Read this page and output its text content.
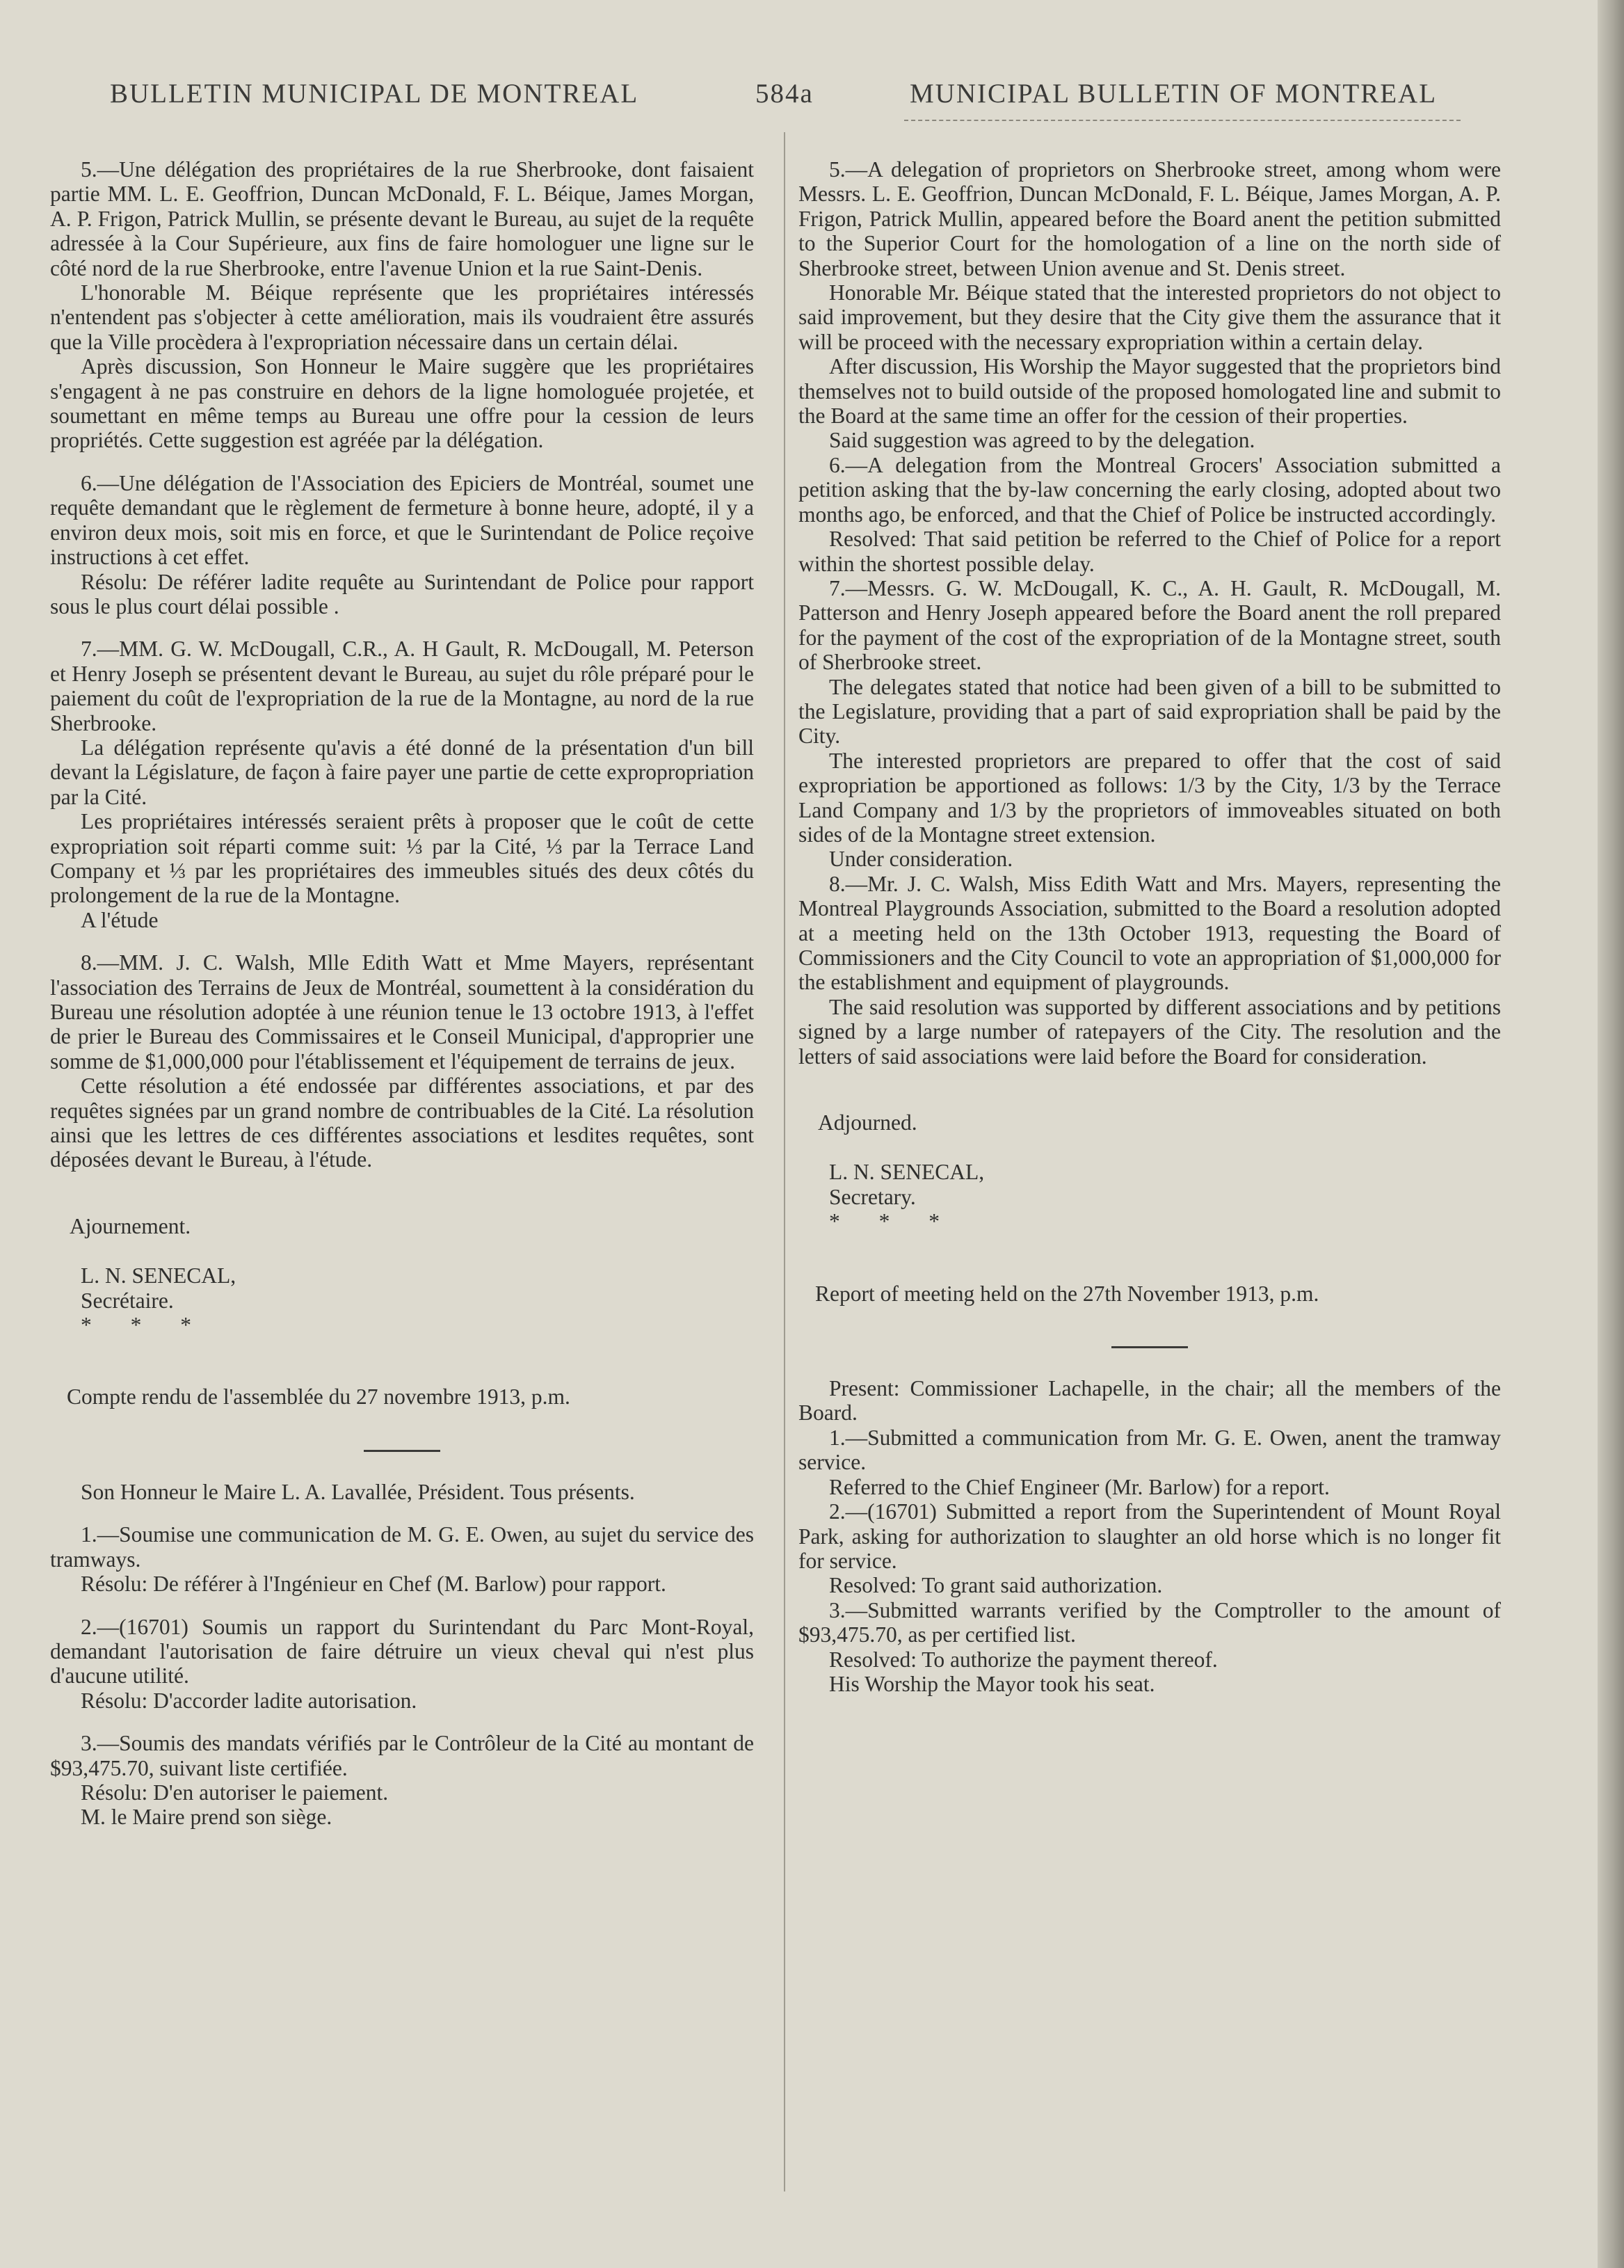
BULLETIN MUNICIPAL DE MONTREAL	584a	MUNICIPAL BULLETIN OF MONTREAL

5.—Une délégation des propriétaires de la rue Sherbrooke, dont faisaient partie MM. L. E. Geoffrion, Duncan McDonald, F. L. Béique, James Morgan, A. P. Frigon, Patrick Mullin, se présente devant le Bureau, au sujet de la requête adressée à la Cour Supérieure, aux fins de faire homologuer une ligne sur le côté nord de la rue Sherbrooke, entre l'avenue Union et la rue Saint-Denis.

L'honorable M. Béique représente que les propriétaires intéressés n'entendent pas s'objecter à cette amélioration, mais ils voudraient être assurés que la Ville procèdera à l'expropriation nécessaire dans un certain délai.

Après discussion, Son Honneur le Maire suggère que les propriétaires s'engagent à ne pas construire en dehors de la ligne homologuée projetée, et soumettant en même temps au Bureau une offre pour la cession de leurs propriétés. Cette suggestion est agréée par la délégation.

6.—Une délégation de l'Association des Epiciers de Montréal, soumet une requête demandant que le règlement de fermeture à bonne heure, adopté, il y a environ deux mois, soit mis en force, et que le Surintendant de Police reçoive instructions à cet effet.

Résolu: De référer ladite requête au Surintendant de Police pour rapport sous le plus court délai possible .

7.—MM. G. W. McDougall, C.R., A. H Gault, R. McDougall, M. Peterson et Henry Joseph se présentent devant le Bureau, au sujet du rôle préparé pour le paiement du coût de l'expropriation de la rue de la Montagne, au nord de la rue Sherbrooke.

La délégation représente qu'avis a été donné de la présentation d'un bill devant la Législature, de façon à faire payer une partie de cette expropropriation par la Cité.

Les propriétaires intéressés seraient prêts à proposer que le coût de cette expropriation soit réparti comme suit: ⅓ par la Cité, ⅓ par la Terrace Land Company et ⅓ par les propriétaires des immeubles situés des deux côtés du prolongement de la rue de la Montagne.

A l'étude

8.—MM. J. C. Walsh, Mlle Edith Watt et Mme Mayers, représentant l'association des Terrains de Jeux de Montréal, soumettent à la considération du Bureau une résolution adoptée à une réunion tenue le 13 octobre 1913, à l'effet de prier le Bureau des Commissaires et le Conseil Municipal, d'approprier une somme de $1,000,000 pour l'établissement et l'équipement de terrains de jeux.

Cette résolution a été endossée par différentes associations, et par des requêtes signées par un grand nombre de contribuables de la Cité. La résolution ainsi que les lettres de ces différentes associations et lesdites requêtes, sont déposées devant le Bureau, à l'étude.

Ajournement.

L. N. SENECAL,

Secrétaire.

* * *

Compte rendu de l'assemblée du 27 novembre 1913, p.m.

Son Honneur le Maire L. A. Lavallée, Président. Tous présents.

1.—Soumise une communication de M. G. E. Owen, au sujet du service des tramways.

Résolu: De référer à l'Ingénieur en Chef (M. Barlow) pour rapport.

2.—(16701) Soumis un rapport du Surintendant du Parc Mont-Royal, demandant l'autorisation de faire détruire un vieux cheval qui n'est plus d'aucune utilité.

Résolu: D'accorder ladite autorisation.

3.—Soumis des mandats vérifiés par le Contrôleur de la Cité au montant de $93,475.70, suivant liste certifiée.

Résolu: D'en autoriser le paiement.

M. le Maire prend son siège.

5.—A delegation of proprietors on Sherbrooke street, among whom were Messrs. L. E. Geoffrion, Duncan McDonald, F. L. Béique, James Morgan, A. P. Frigon, Patrick Mullin, appeared before the Board anent the petition submitted to the Superior Court for the homologation of a line on the north side of Sherbrooke street, between Union avenue and St. Denis street.

Honorable Mr. Béique stated that the interested proprietors do not object to said improvement, but they desire that the City give them the assurance that it will be proceed with the necessary expropriation within a certain delay.

After discussion, His Worship the Mayor suggested that the proprietors bind themselves not to build outside of the proposed homologated line and submit to the Board at the same time an offer for the cession of their properties.

Said suggestion was agreed to by the delegation.

6.—A delegation from the Montreal Grocers' Association submitted a petition asking that the by-law concerning the early closing, adopted about two months ago, be enforced, and that the Chief of Police be instructed accordingly.

Resolved: That said petition be referred to the Chief of Police for a report within the shortest possible delay.

7.—Messrs. G. W. McDougall, K. C., A. H. Gault, R. McDougall, M. Patterson and Henry Joseph appeared before the Board anent the roll prepared for the payment of the cost of the expropriation of de la Montagne street, south of Sherbrooke street.

The delegates stated that notice had been given of a bill to be submitted to the Legislature, providing that a part of said expropriation shall be paid by the City.

The interested proprietors are prepared to offer that the cost of said expropriation be apportioned as follows: 1/3 by the City, 1/3 by the Terrace Land Company and 1/3 by the proprietors of immoveables situated on both sides of de la Montagne street extension.

Under consideration.

8.—Mr. J. C. Walsh, Miss Edith Watt and Mrs. Mayers, representing the Montreal Playgrounds Association, submitted to the Board a resolution adopted at a meeting held on the 13th October 1913, requesting the Board of Commissioners and the City Council to vote an appropriation of $1,000,000 for the establishment and equipment of playgrounds.

The said resolution was supported by different associations and by petitions signed by a large number of ratepayers of the City. The resolution and the letters of said associations were laid before the Board for consideration.

Adjourned.

L. N. SENECAL,

Secretary.

* * *

Report of meeting held on the 27th November 1913, p.m.

Present: Commissioner Lachapelle, in the chair; all the members of the Board.

1.—Submitted a communication from Mr. G. E. Owen, anent the tramway service.

Referred to the Chief Engineer (Mr. Barlow) for a report.

2.—(16701) Submitted a report from the Superintendent of Mount Royal Park, asking for authorization to slaughter an old horse which is no longer fit for service.

Resolved: To grant said authorization.

3.—Submitted warrants verified by the Comptroller to the amount of $93,475.70, as per certified list.

Resolved: To authorize the payment thereof.

His Worship the Mayor took his seat.
